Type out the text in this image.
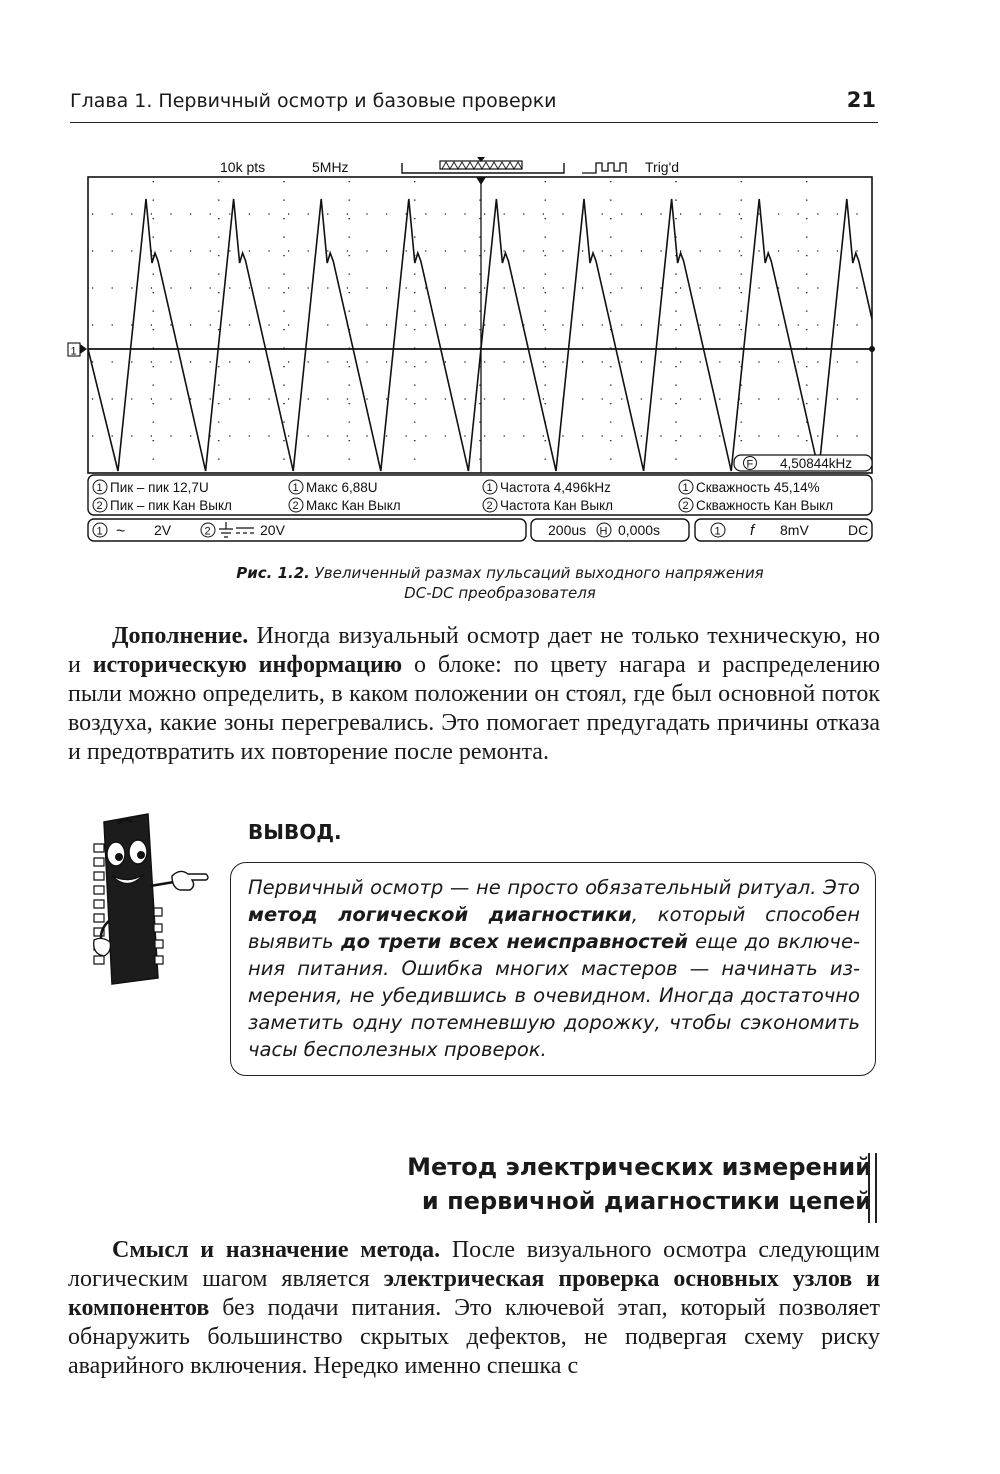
Глава 1. Первичный осмотр и базовые проверки	21
10k pts	5MHz	Trig'd
1
F 4,50844kHz
1 Пик – пик 12,7U	1 Макс 6,88U	1 Частота 4,496kHz	1 Скважность 45,14%
2 Пик – пик Кан Выкл	2 Макс Кан Выкл	2 Частота Кан Выкл	2 Скважность Кан Выкл
1 ~ 2V	2	20V	200us H 0,000s	1 f 8mV	DC
Рис. 1.2. Увеличенный размах пульсаций выходного напряжения
DC-DC преобразователя

Дополнение. Иногда визуальный осмотр дает не только техническую, но и историческую информацию о блоке: по цвету нагара и распределению пыли можно определить, в каком положении он стоял, где был основной поток воздуха, какие зоны перегревались. Это помогает предугадать причины отказа и предотвратить их повторение после ремонта.

ВЫВОД.
Первичный осмотр — не просто обязательный ритуал. Это метод логической диагностики, который способен выявить до трети всех неисправностей еще до включения питания. Ошибка многих мастеров — начинать измерения, не убедившись в очевидном. Иногда достаточно заметить одну потемневшую дорожку, чтобы сэкономить часы бесполезных проверок.
Метод электрических измерений
и первичной диагностики цепей

Смысл и назначение метода. После визуального осмотра следующим логическим шагом является электрическая проверка основных узлов и компонентов без подачи питания. Это ключевой этап, который позволяет обнаружить большинство скрытых дефектов, не подвергая схему риску аварийного включения. Нередко именно спешка с
